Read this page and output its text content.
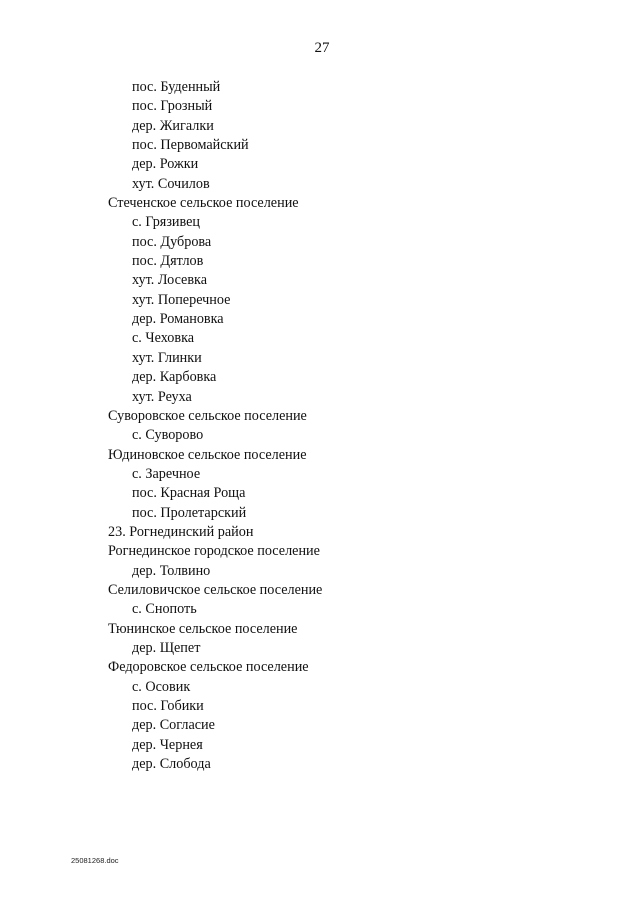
27
пос. Буденный
пос. Грозный
дер. Жигалки
пос. Первомайский
дер. Рожки
хут. Сочилов
Стеченское сельское поселение
с. Грязивец
пос. Дуброва
пос. Дятлов
хут. Лосевка
хут. Поперечное
дер. Романовка
с. Чеховка
хут. Глинки
дер. Карбовка
хут. Реуха
Суворовское сельское поселение
с. Суворово
Юдиновское сельское поселение
с. Заречное
пос. Красная Роща
пос. Пролетарский
23. Рогнединский район
Рогнединское городское поселение
дер. Толвино
Селиловичское сельское поселение
с. Снопоть
Тюнинское сельское поселение
дер. Щепет
Федоровское сельское поселение
с. Осовик
пос. Гобики
дер. Согласие
дер. Чернея
дер. Слобода
25081268.doc
